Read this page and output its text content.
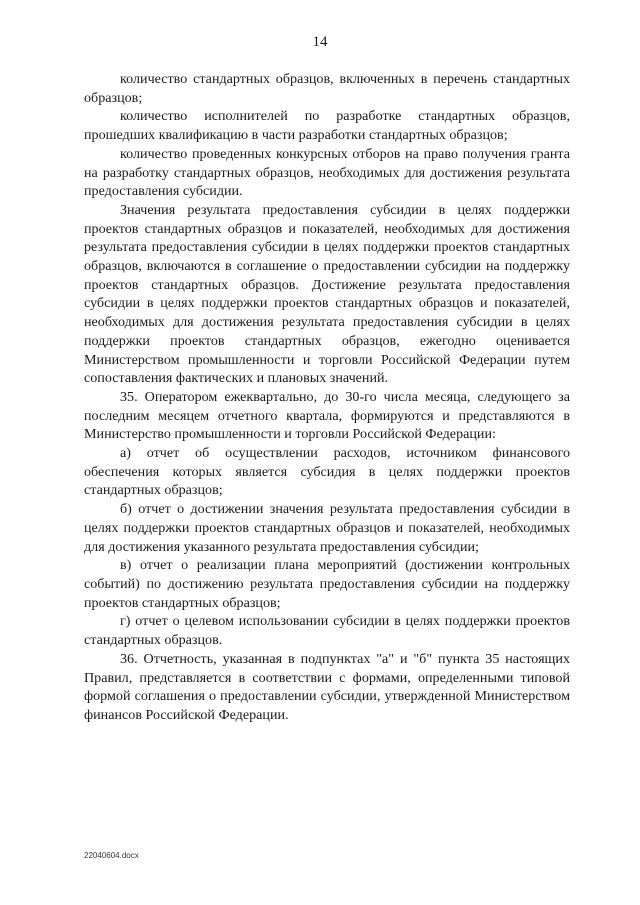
14

количество стандартных образцов, включенных в перечень стандартных образцов;

количество исполнителей по разработке стандартных образцов, прошедших квалификацию в части разработки стандартных образцов;

количество проведенных конкурсных отборов на право получения гранта на разработку стандартных образцов, необходимых для достижения результата предоставления субсидии.

Значения результата предоставления субсидии в целях поддержки проектов стандартных образцов и показателей, необходимых для достижения результата предоставления субсидии в целях поддержки проектов стандартных образцов, включаются в соглашение о предоставлении субсидии на поддержку проектов стандартных образцов. Достижение результата предоставления субсидии в целях поддержки проектов стандартных образцов и показателей, необходимых для достижения результата предоставления субсидии в целях поддержки проектов стандартных образцов, ежегодно оценивается Министерством промышленности и торговли Российской Федерации путем сопоставления фактических и плановых значений.

35. Оператором ежеквартально, до 30-го числа месяца, следующего за последним месяцем отчетного квартала, формируются и представляются в Министерство промышленности и торговли Российской Федерации:

а) отчет об осуществлении расходов, источником финансового обеспечения которых является субсидия в целях поддержки проектов стандартных образцов;

б) отчет о достижении значения результата предоставления субсидии в целях поддержки проектов стандартных образцов и показателей, необходимых для достижения указанного результата предоставления субсидии;

в) отчет о реализации плана мероприятий (достижении контрольных событий) по достижению результата предоставления субсидии на поддержку проектов стандартных образцов;

г) отчет о целевом использовании субсидии в целях поддержки проектов стандартных образцов.

36. Отчетность, указанная в подпунктах "а" и "б" пункта 35 настоящих Правил, представляется в соответствии с формами, определенными типовой формой соглашения о предоставлении субсидии, утвержденной Министерством финансов Российской Федерации.

22040604.docx
